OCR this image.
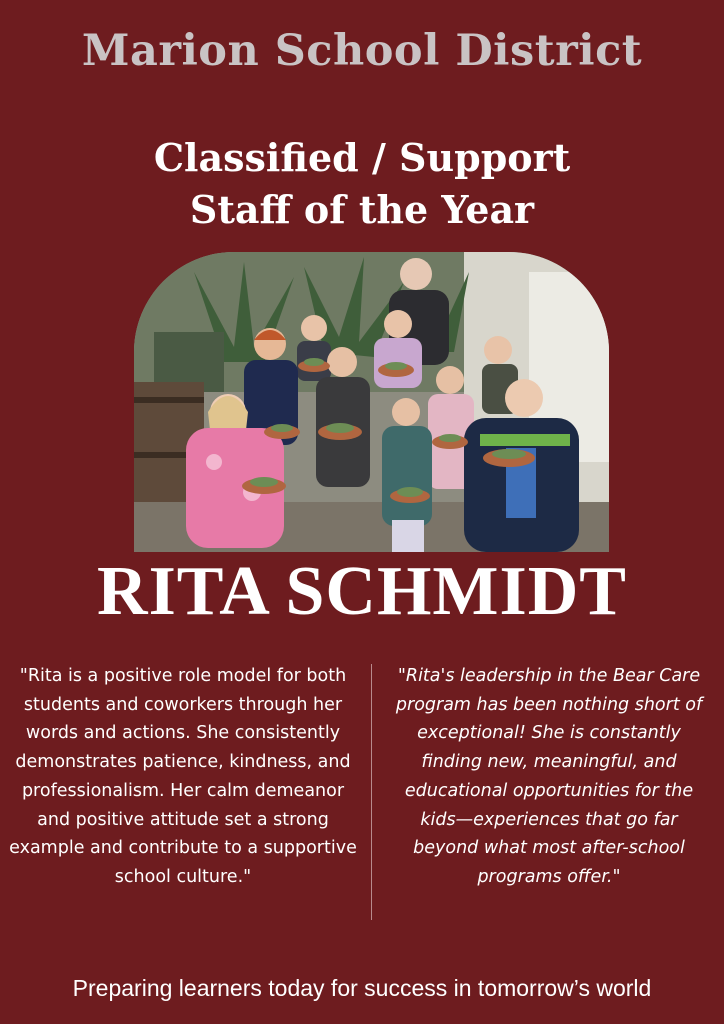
Marion School District
Classified / Support
Staff of the Year
RITA SCHMIDT
"Rita is a positive role model for both students and coworkers through her words and actions. She consistently demonstrates patience, kindness, and professionalism. Her calm demeanor and positive attitude set a strong example and contribute to a supportive school culture."
"Rita's leadership in the Bear Care program has been nothing short of exceptional! She is constantly finding new, meaningful, and educational opportunities for the kids—experiences that go far beyond what most after-school programs offer."
Preparing learners today for success in tomorrow’s world
